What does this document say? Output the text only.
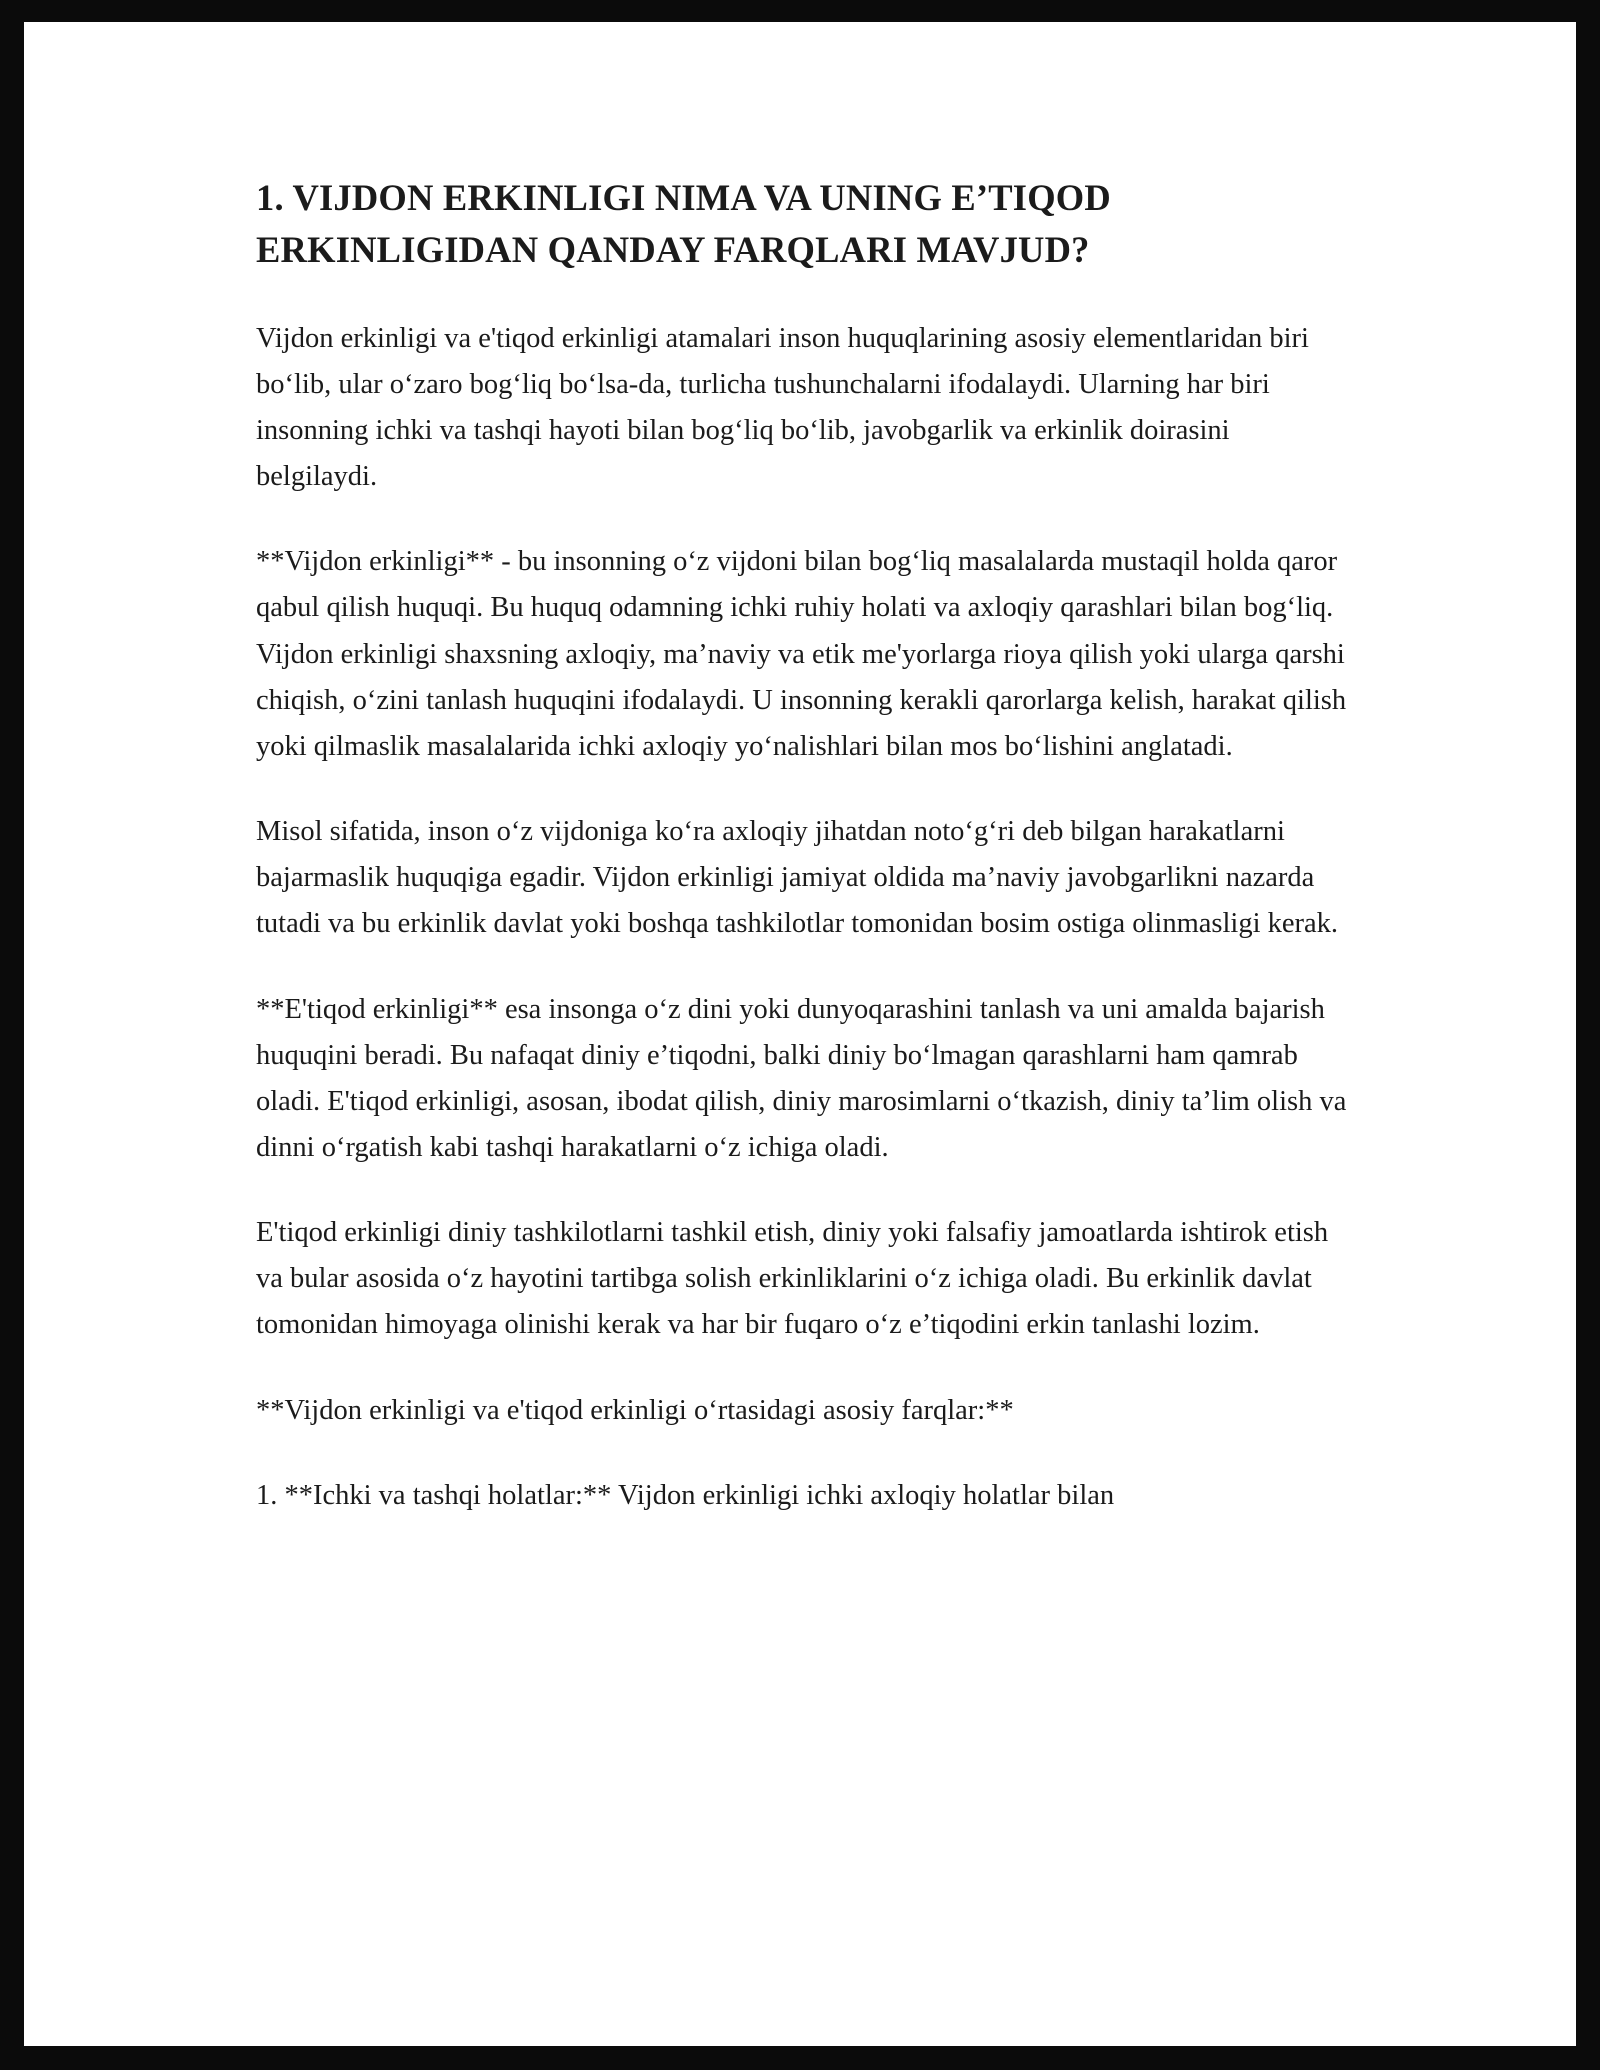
1. VIJDON ERKINLIGI NIMA VA UNING E’TIQOD ERKINLIGIDAN QANDAY FARQLARI MAVJUD?

Vijdon erkinligi va e'tiqod erkinligi atamalari inson huquqlarining asosiy elementlaridan biri bo‘lib, ular o‘zaro bog‘liq bo‘lsa-da, turlicha tushunchalarni ifodalaydi. Ularning har biri insonning ichki va tashqi hayoti bilan bog‘liq bo‘lib, javobgarlik va erkinlik doirasini belgilaydi.

**Vijdon erkinligi** - bu insonning o‘z vijdoni bilan bog‘liq masalalarda mustaqil holda qaror qabul qilish huquqi. Bu huquq odamning ichki ruhiy holati va axloqiy qarashlari bilan bog‘liq. Vijdon erkinligi shaxsning axloqiy, ma’naviy va etik me'yorlarga rioya qilish yoki ularga qarshi chiqish, o‘zini tanlash huquqini ifodalaydi. U insonning kerakli qarorlarga kelish, harakat qilish yoki qilmaslik masalalarida ichki axloqiy yo‘nalishlari bilan mos bo‘lishini anglatadi.

Misol sifatida, inson o‘z vijdoniga ko‘ra axloqiy jihatdan noto‘g‘ri deb bilgan harakatlarni bajarmaslik huquqiga egadir. Vijdon erkinligi jamiyat oldida ma’naviy javobgarlikni nazarda tutadi va bu erkinlik davlat yoki boshqa tashkilotlar tomonidan bosim ostiga olinmasligi kerak.

**E'tiqod erkinligi** esa insonga o‘z dini yoki dunyoqarashini tanlash va uni amalda bajarish huquqini beradi. Bu nafaqat diniy e’tiqodni, balki diniy bo‘lmagan qarashlarni ham qamrab oladi. E'tiqod erkinligi, asosan, ibodat qilish, diniy marosimlarni o‘tkazish, diniy ta’lim olish va dinni o‘rgatish kabi tashqi harakatlarni o‘z ichiga oladi.

E'tiqod erkinligi diniy tashkilotlarni tashkil etish, diniy yoki falsafiy jamoatlarda ishtirok etish va bular asosida o‘z hayotini tartibga solish erkinliklarini o‘z ichiga oladi. Bu erkinlik davlat tomonidan himoyaga olinishi kerak va har bir fuqaro o‘z e’tiqodini erkin tanlashi lozim.

**Vijdon erkinligi va e'tiqod erkinligi o‘rtasidagi asosiy farqlar:**

1. **Ichki va tashqi holatlar:** Vijdon erkinligi ichki axloqiy holatlar bilan
